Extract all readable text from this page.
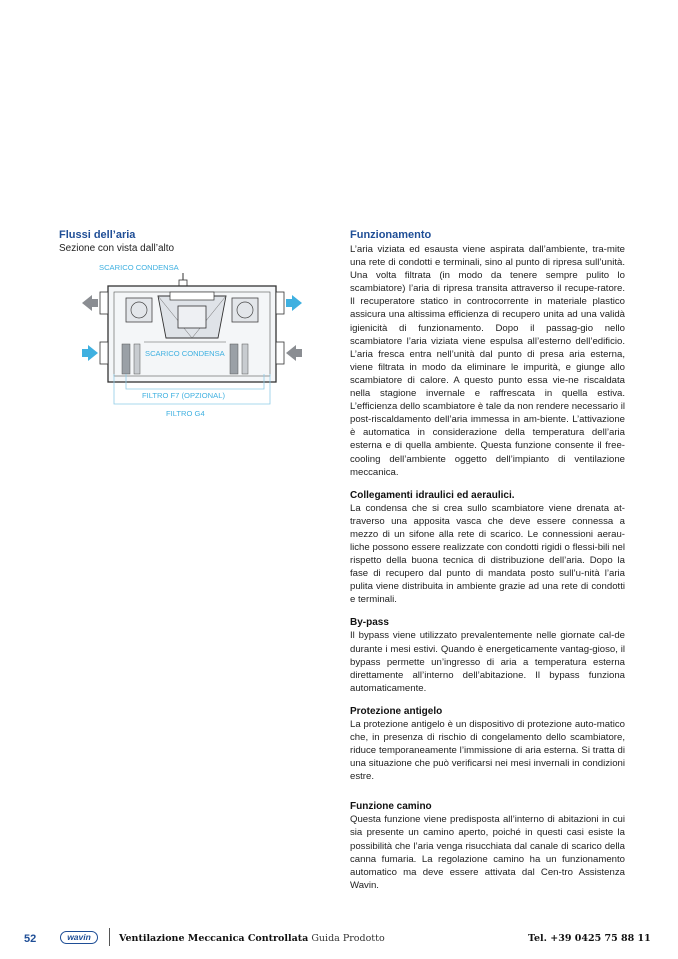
Flussi dell’aria

Sezione con vista dall’alto

SCARICO CONDENSA
SCARICO CONDENSA
FILTRO F7 (OPZIONAL)
FILTRO G4

Funzionamento

L’aria viziata ed esausta viene aspirata dall’ambiente, tra-mite una rete di condotti e terminali, sino al punto di ripresa sull’unità. Una volta filtrata (in modo da tenere sempre pulito lo scambiatore) l’aria di ripresa transita attraverso il recupe-ratore. Il recuperatore statico in controcorrente in materiale plastico assicura una altissima efficienza di recupero unita ad una validà igienicità di funzionamento. Dopo il passag-gio nello scambiatore l’aria viziata viene espulsa all’esterno dell’edificio. L’aria fresca entra nell’unità dal punto di presa aria esterna, viene filtrata in modo da eliminare le impurità, e giunge allo scambiatore di calore. A questo punto essa vie-ne riscaldata nella stagione invernale e raffrescata in quella estiva. L’efficienza dello scambiatore è tale da non rendere necessario il post-riscaldamento dell’aria immessa in am-biente. L’attivazione è automatica in considerazione della temperatura dell’aria esterna e di quella ambiente. Questa funzione consente il free-cooling dell’ambiente oggetto dell’impianto di ventilazione meccanica.

Collegamenti idraulici ed aeraulici.

La condensa che si crea sullo scambiatore viene drenata at-traverso una apposita vasca che deve essere connessa a mezzo di un sifone alla rete di scarico. Le connessioni aerau-liche possono essere realizzate con condotti rigidi o flessi-bili nel rispetto della buona tecnica di distribuzione dell’aria. Dopo la fase di recupero dal punto di mandata posto sull’u-nità l’aria pulita viene distribuita in ambiente grazie ad una rete di condotti e terminali.

By-pass

Il bypass viene utilizzato prevalentemente nelle giornate cal-de durante i mesi estivi. Quando è energeticamente vantag-gioso, il bypass permette un’ingresso di aria a temperatura esterna direttamente all’interno dell’abitazione. Il bypass funziona automaticamente.

Protezione antigelo

La protezione antigelo è un dispositivo di protezione auto-matico che, in presenza di rischio di congelamento dello scambiatore, riduce temporaneamente l’immissione di aria esterna. Si tratta di una situazione che può verificarsi nei mesi invernali in condizioni estre.

Funzione camino

Questa funzione viene predisposta all’interno di abitazioni in cui sia presente un camino aperto, poiché in questi casi esiste la possibilità che l’aria venga risucchiata dal canale di scarico della canna fumaria. La regolazione camino ha un funzionamento automatico ma deve essere attivata dal Cen-tro Assistenza Wavin.

52	wavin	Ventilazione Meccanica Controllata Guida Prodotto	Tel. +39 0425 75 88 11
